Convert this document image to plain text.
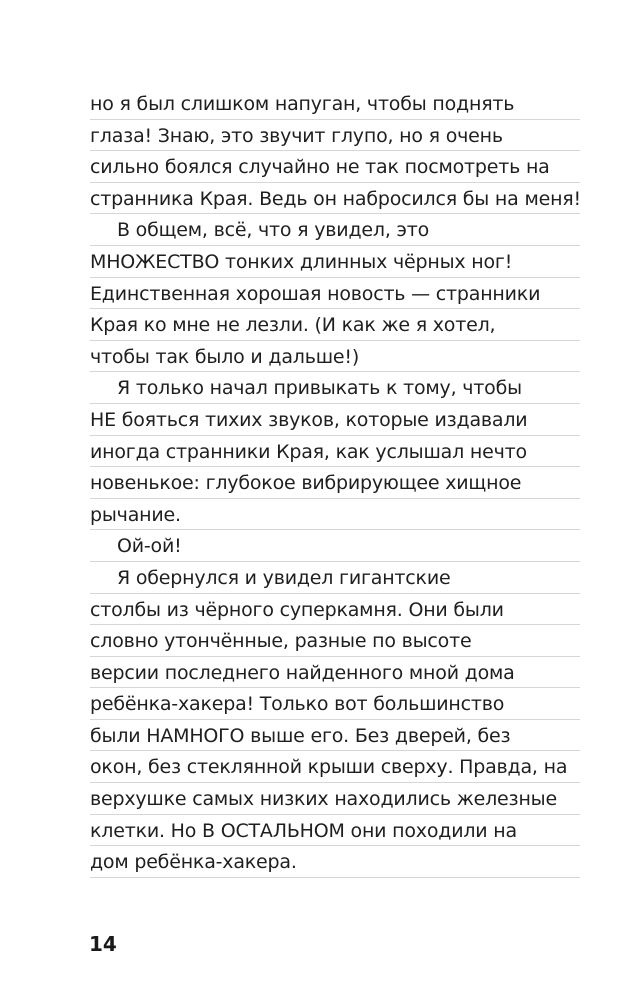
но я был слишком напуган, чтобы поднять
глаза! Знаю, это звучит глупо, но я очень
сильно боялся случайно не так посмотреть на
странника Края. Ведь он набросился бы на меня!
В общем, всё, что я увидел, это
МНОЖЕСТВО тонких длинных чёрных ног!
Единственная хорошая новость — странники
Края ко мне не лезли. (И как же я хотел,
чтобы так было и дальше!)
Я только начал привыкать к тому, чтобы
НЕ бояться тихих звуков, которые издавали
иногда странники Края, как услышал нечто
новенькое: глубокое вибрирующее хищное
рычание.
Ой-ой!
Я обернулся и увидел гигантские
столбы из чёрного суперкамня. Они были
словно утончённые, разные по высоте
версии последнего найденного мной дома
ребёнка-хакера! Только вот большинство
были НАМНОГО выше его. Без дверей, без
окон, без стеклянной крыши сверху. Правда, на
верхушке самых низких находились железные
клетки. Но В ОСТАЛЬНОМ они походили на
дом ребёнка-хакера.
14
